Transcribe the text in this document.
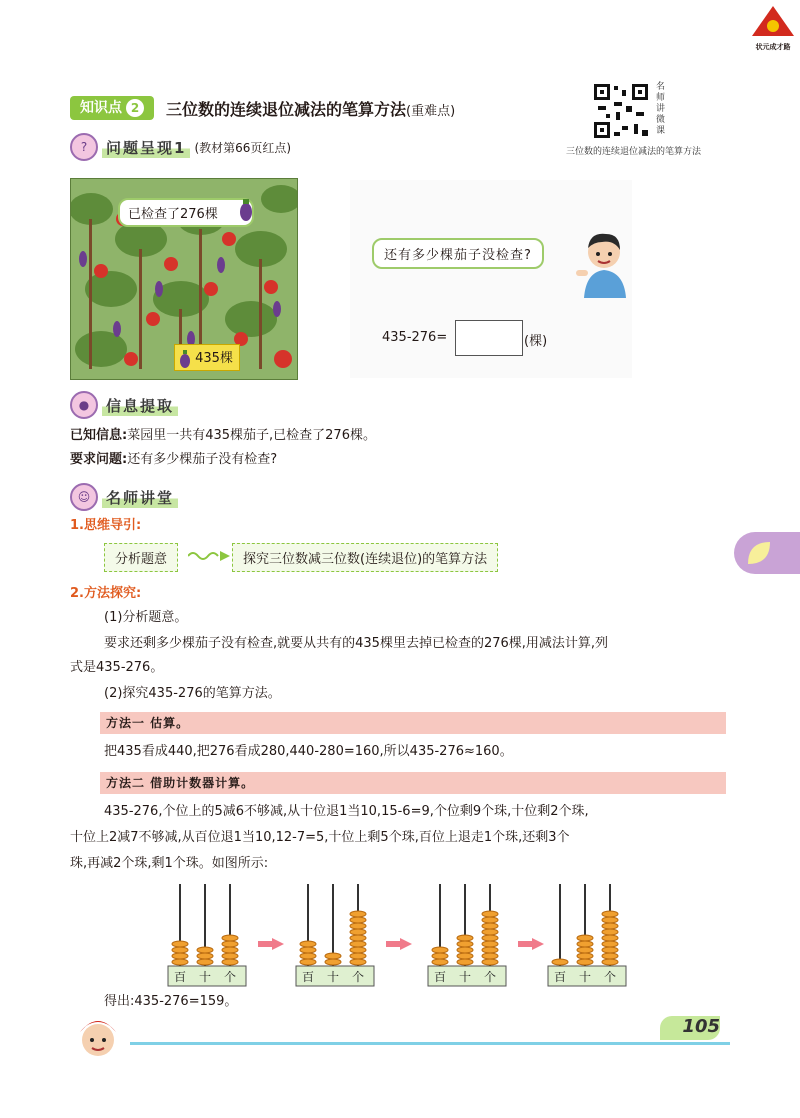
状元成才路
知识点 2	三位数的连续退位减法的笔算方法(重难点)
名师讲微课
三位数的连续退位减法的笔算方法
?	问题呈现1 (教材第66页红点)
已检查了276棵
435棵
还有多少棵茄子没检查?
435-276=	(棵)
●	信息提取
已知信息:菜园里一共有435棵茄子,已检查了276棵。
要求问题:还有多少棵茄子没有检查?
☺	名师讲堂
1.思维导引:
分析题意	探究三位数减三位数(连续退位)的笔算方法
2.方法探究:
(1)分析题意。
要求还剩多少棵茄子没有检查,就要从共有的435棵里去掉已检查的276棵,用减法计算,列
式是435-276。
(2)探究435-276的笔算方法。
方法一 估算。
把435看成440,把276看成280,440-280=160,所以435-276≈160。
方法二 借助计数器计算。
435-276,个位上的5减6不够减,从十位退1当10,15-6=9,个位剩9个珠,十位剩2个珠,
十位上2减7不够减,从百位退1当10,12-7=5,十位上剩5个珠,百位上退走1个珠,还剩3个
珠,再减2个珠,剩1个珠。如图所示:
百 十 个	百 十 个	百 十 个	百 十 个
得出:435-276=159。
105
